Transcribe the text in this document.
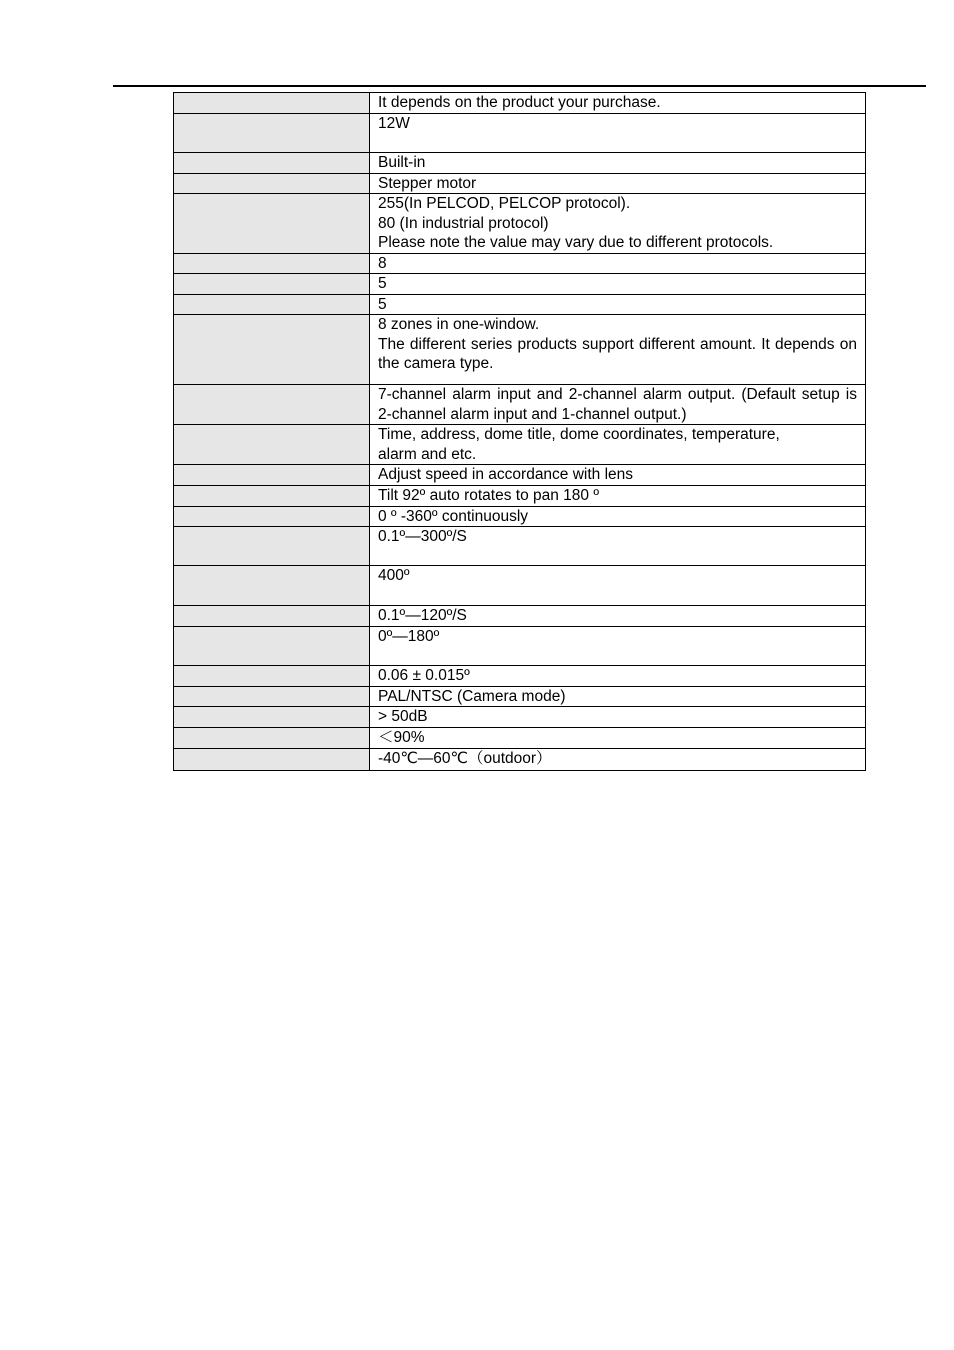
	It depends on the product your purchase.

	12W

	Built-in

	Stepper motor

	255(In PELCOD, PELCOP protocol).
80 (In industrial protocol)
Please note the value may vary due to different protocols.

	8

	5

	5

	8 zones in one-window.
The different series products support different amount. It depends on the camera type.

	7-channel alarm input and 2-channel alarm output. (Default setup is 2-channel alarm input and 1-channel output.)

	Time, address, dome title, dome coordinates, temperature,
alarm and etc.

	Adjust speed in accordance with lens

	Tilt 92º auto rotates to pan 180 º

	0 º -360º continuously

	0.1º—300º/S

	400º

	0.1º—120º/S

	0º—180º

	0.06 ± 0.015º

	PAL/NTSC (Camera mode)

	> 50dB

	＜90%

	-40℃—60℃（outdoor）
